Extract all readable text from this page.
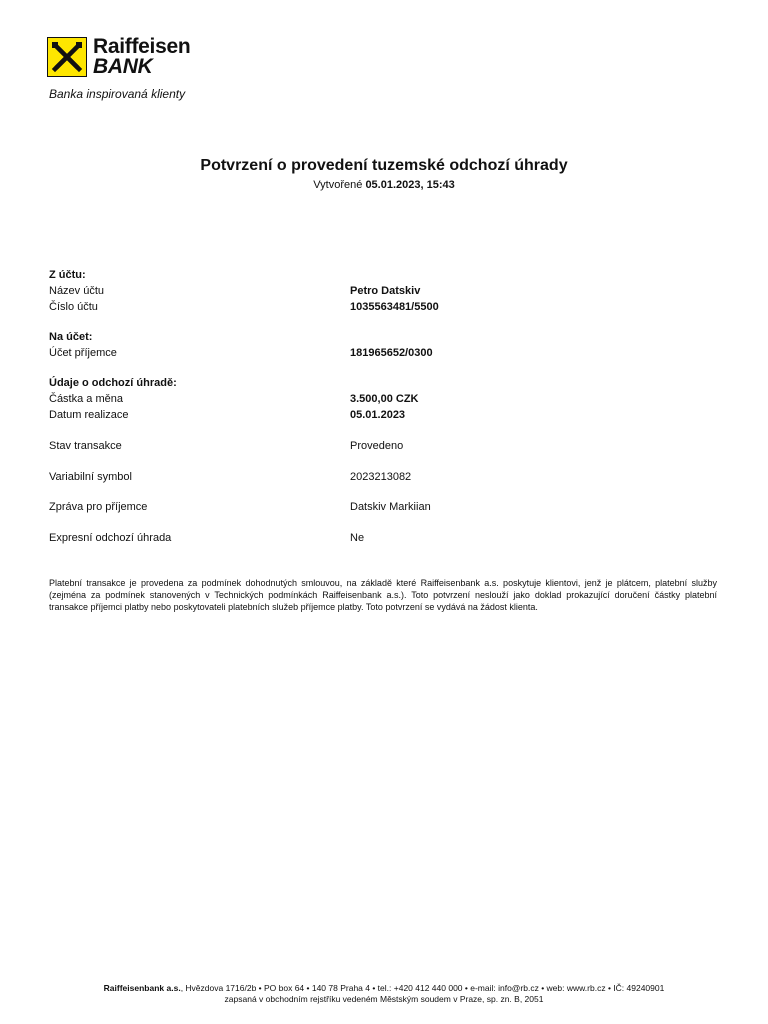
Raiffeisen
BANK
Banka inspirovaná klienty
Potvrzení o provedení tuzemské odchozí úhrady
Vytvořené 05.01.2023, 15:43
Z účtu:
Název účtu	Petro Datskiv
Číslo účtu	1035563481/5500
Na účet:
Účet příjemce	181965652/0300
Údaje o odchozí úhradě:
Částka a měna	3.500,00 CZK
Datum realizace	05.01.2023
Stav transakce	Provedeno
Variabilní symbol	2023213082
Zpráva pro příjemce	Datskiv Markiian
Expresní odchozí úhrada	Ne
Platební transakce je provedena za podmínek dohodnutých smlouvou, na základě které Raiffeisenbank a.s. poskytuje klientovi, jenž je plátcem, platební služby (zejména za podmínek stanovených v Technických podmínkách Raiffeisenbank a.s.). Toto potvrzení neslouží jako doklad prokazující doručení částky platební transakce příjemci platby nebo poskytovateli platebních služeb příjemce platby. Toto potvrzení se vydává na žádost klienta.
Raiffeisenbank a.s., Hvězdova 1716/2b • PO box 64 • 140 78 Praha 4 • tel.: +420 412 440 000 • e-mail: info@rb.cz • web: www.rb.cz • IČ: 49240901
zapsaná v obchodním rejstříku vedeném Městským soudem v Praze, sp. zn. B, 2051
